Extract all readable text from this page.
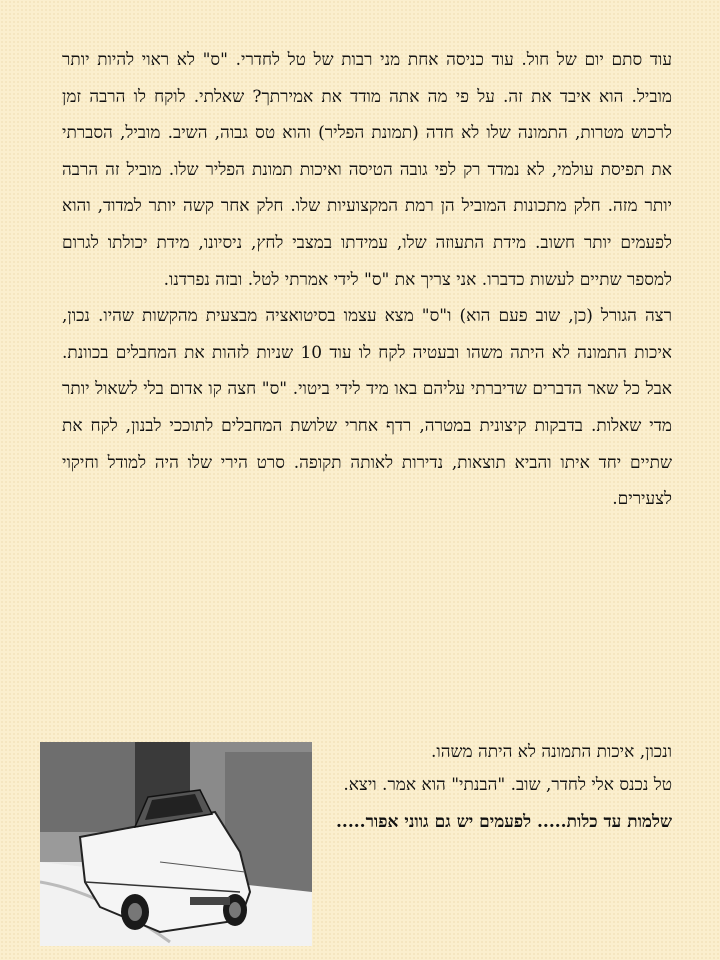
עוד סתם יום של חול. עוד כניסה אחת מני רבות של טל לחדרי. "ס" לא ראוי להיות יותר מוביל. הוא איבד את זה. על פי מה אתה מודד את אמירתך? שאלתי. לוקח לו הרבה זמן לרכוש מטרות, התמונה שלו לא חדה (תמונת הפליר) והוא טס גבוה, השיב. מוביל, הסברתי את תפיסת עולמי, לא נמדד רק לפי גובה הטיסה ואיכות תמונת הפליר שלו. מוביל זה הרבה יותר מזה. חלק מתכונות המוביל הן רמת המקצועיות שלו. חלק אחר קשה יותר למדוד, והוא לפעמים יותר חשוב. מידת התעוזה שלו, עמידתו במצבי לחץ, ניסיונו, מידת יכולתו לגרום למספר שתיים לעשות כדברו. אני צריך את "ס" לידי אמרתי לטל. ובזה נפרדנו.

רצה הגורל (כן, שוב פעם הוא) ו"ס" מצא עצמו בסיטואציה מבצעית מהקשות שהיו. נכון, איכות התמונה לא היתה משהו ובעטיה לקח לו עוד 10 שניות לזהות את המחבלים בכוונת. אבל כל שאר הדברים שדיברתי עליהם באו מיד לידי ביטוי. "ס" חצה קו אדום בלי לשאול יותר מדי שאלות. בדבקות קיצונית במטרה, רדף אחרי שלושת המחבלים לתוככי לבנון, לקח את שתיים יחד איתו והביא תוצאות, נדירות לאותה תקופה. סרט הירי שלו היה למודל וחיקוי לצעירים.

ונכון, איכות התמונה לא היתה משהו.

טל נכנס אלי לחדר, שוב. "הבנתי" הוא אמר. ויצא.

שלמות עד כלות..... לפעמים יש גם גווני אפור.....
